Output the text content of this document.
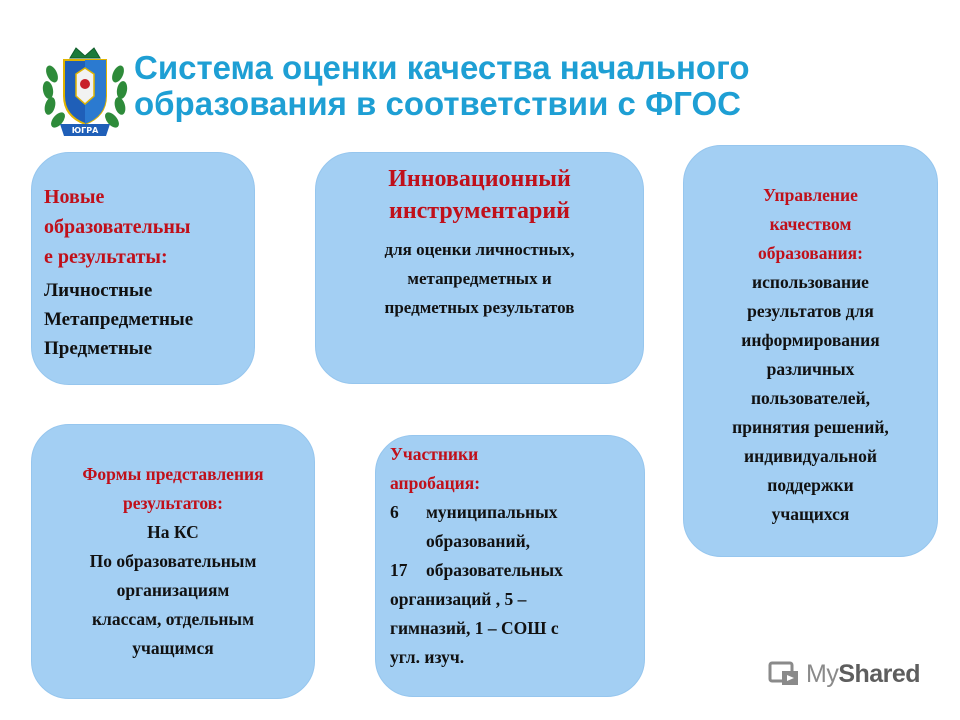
ЮГРА
Система оценки качества начального
образования в соответствии с ФГОС
Новые
образовательны
е результаты:
Личностные
Метапредметные
Предметные
Инновационный
инструментарий
для оценки личностных,
метапредметных и
предметных результатов
Управление
качеством
образования:
использование
результатов для
информирования
различных
пользователей,
принятия решений,
индивидуальной
поддержки
учащихся
Формы представления
результатов:
На КС
По образовательным
организациям
классам, отдельным
учащимся
Участники
апробация:
6 муниципальных
образований,
17 образовательных
организаций , 5 –
гимназий, 1 – СОШ с
угл. изуч.
My Shared
